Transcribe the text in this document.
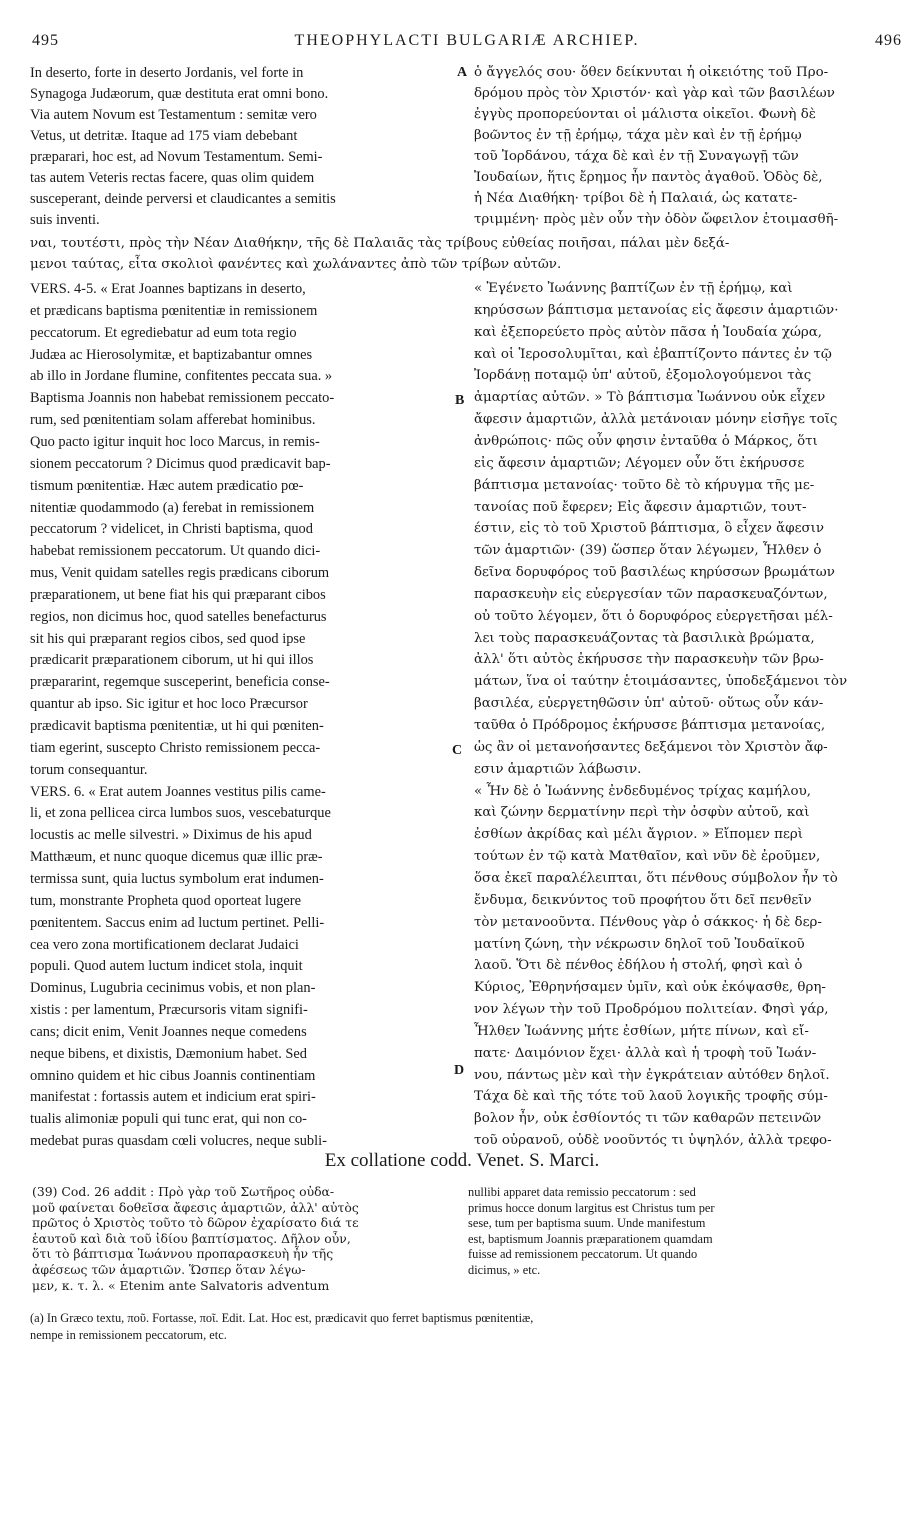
495	THEOPHYLACTI BULGARIÆ ARCHIEP.	496
A
B
C
D
In deserto, forte in deserto Jordanis, vel forte in
Synagoga Judæorum, quæ destituta erat omni bono.
Via autem Novum est Testamentum : semitæ vero
Vetus, ut detritæ. Itaque ad 175 viam debebant
præparari, hoc est, ad Novum Testamentum. Semi-
tas autem Veteris rectas facere, quas olim quidem
susceperant, deinde perversi et claudicantes a semitis
suis inventi.
ὁ ἄγγελός σου· ὅθεν δείκνυται ἡ οἰκειότης τοῦ Προ-
δρόμου πρὸς τὸν Χριστόν· καὶ γὰρ καὶ τῶν βασιλέων
ἐγγὺς προπορεύονται οἱ μάλιστα οἰκεῖοι. Φωνὴ δὲ
βοῶντος ἐν τῇ ἐρήμῳ, τάχα μὲν καὶ ἐν τῇ ἐρήμῳ
τοῦ Ἰορδάνου, τάχα δὲ καὶ ἐν τῇ Συναγωγῇ τῶν
Ἰουδαίων, ἥτις ἔρημος ἦν παντὸς ἀγαθοῦ. Ὁδὸς δὲ,
ἡ Νέα Διαθήκη· τρίβοι δὲ ἡ Παλαιά, ὡς κατατε-
τριμμένη· πρὸς μὲν οὖν τὴν ὁδὸν ὤφειλον ἑτοιμασθῆ-
ναι, τουτέστι, πρὸς τὴν Νέαν Διαθήκην, τῆς δὲ Παλαιᾶς τὰς τρίβους εὐθείας ποιῆσαι, πάλαι μὲν δεξά-
μενοι ταύτας, εἶτα σκολιοὶ φανέντες καὶ χωλάναντες ἀπὸ τῶν τρίβων αὐτῶν.
VERS. 4-5. « Erat Joannes baptizans in deserto,
et prædicans baptisma pœnitentiæ in remissionem
peccatorum. Et egrediebatur ad eum tota regio
Judæa ac Hierosolymitæ, et baptizabantur omnes
ab illo in Jordane flumine, confitentes peccata sua. »
Baptisma Joannis non habebat remissionem peccato-
rum, sed pœnitentiam solam afferebat hominibus.
Quo pacto igitur inquit hoc loco Marcus, in remis-
sionem peccatorum ? Dicimus quod prædicavit bap-
tismum pœnitentiæ. Hæc autem prædicatio pœ-
nitentiæ quodammodo (a) ferebat in remissionem
peccatorum ? videlicet, in Christi baptisma, quod
habebat remissionem peccatorum. Ut quando dici-
mus, Venit quidam satelles regis prædicans ciborum
præparationem, ut bene fiat his qui præparant cibos
regios, non dicimus hoc, quod satelles benefacturus
sit his qui præparant regios cibos, sed quod ipse
prædicarit præparationem ciborum, ut hi qui illos
præpararint, regemque susceperint, beneficia conse-
quantur ab ipso. Sic igitur et hoc loco Præcursor
prædicavit baptisma pœnitentiæ, ut hi qui pœniten-
tiam egerint, suscepto Christo remissionem pecca-
torum consequantur.
VERS. 6. « Erat autem Joannes vestitus pilis came-
li, et zona pellicea circa lumbos suos, vescebaturque
locustis ac melle silvestri. » Diximus de his apud
Matthæum, et nunc quoque dicemus quæ illic præ-
termissa sunt, quia luctus symbolum erat indumen-
tum, monstrante Propheta quod oporteat lugere
pœnitentem. Saccus enim ad luctum pertinet. Pelli-
cea vero zona mortificationem declarat Judaici
populi. Quod autem luctum indicet stola, inquit
Dominus, Lugubria cecinimus vobis, et non plan-
xistis : per lamentum, Præcursoris vitam signifi-
cans; dicit enim, Venit Joannes neque comedens
neque bibens, et dixistis, Dæmonium habet. Sed
omnino quidem et hic cibus Joannis continentiam
manifestat : fortassis autem et indicium erat spiri-
tualis alimoniæ populi qui tunc erat, qui non co-
medebat puras quasdam cœli volucres, neque subli-
« Ἐγένετο Ἰωάννης βαπτίζων ἐν τῇ ἐρήμῳ, καὶ
κηρύσσων βάπτισμα μετανοίας εἰς ἄφεσιν ἁμαρτιῶν·
καὶ ἐξεπορεύετο πρὸς αὐτὸν πᾶσα ἡ Ἰουδαία χώρα,
καὶ οἱ Ἱεροσολυμῖται, καὶ ἐβαπτίζοντο πάντες ἐν τῷ
Ἰορδάνῃ ποταμῷ ὑπ' αὐτοῦ, ἐξομολογούμενοι τὰς
ἁμαρτίας αὐτῶν. » Τὸ βάπτισμα Ἰωάννου οὐκ εἶχεν
ἄφεσιν ἁμαρτιῶν, ἀλλὰ μετάνοιαν μόνην εἰσῆγε τοῖς
ἀνθρώποις· πῶς οὖν φησιν ἐνταῦθα ὁ Μάρκος, ὅτι
εἰς ἄφεσιν ἁμαρτιῶν; Λέγομεν οὖν ὅτι ἐκήρυσσε
βάπτισμα μετανοίας· τοῦτο δὲ τὸ κήρυγμα τῆς με-
τανοίας ποῦ ἔφερεν; Εἰς ἄφεσιν ἁμαρτιῶν, τουτ-
έστιν, εἰς τὸ τοῦ Χριστοῦ βάπτισμα, ὃ εἶχεν ἄφεσιν
τῶν ἁμαρτιῶν· (39) ὥσπερ ὅταν λέγωμεν, Ἦλθεν ὁ
δεῖνα δορυφόρος τοῦ βασιλέως κηρύσσων βρωμάτων
παρασκευὴν εἰς εὐεργεσίαν τῶν παρασκευαζόντων,
οὐ τοῦτο λέγομεν, ὅτι ὁ δορυφόρος εὐεργετῆσαι μέλ-
λει τοὺς παρασκευάζοντας τὰ βασιλικὰ βρώματα,
ἀλλ' ὅτι αὐτὸς ἐκήρυσσε τὴν παρασκευὴν τῶν βρω-
μάτων, ἵνα οἱ ταύτην ἑτοιμάσαντες, ὑποδεξάμενοι τὸν
βασιλέα, εὐεργετηθῶσιν ὑπ' αὐτοῦ· οὕτως οὖν κάν-
ταῦθα ὁ Πρόδρομος ἐκήρυσσε βάπτισμα μετανοίας,
ὡς ἂν οἱ μετανοήσαντες δεξάμενοι τὸν Χριστὸν ἄφ-
εσιν ἁμαρτιῶν λάβωσιν.
« Ἦν δὲ ὁ Ἰωάννης ἐνδεδυμένος τρίχας καμήλου,
καὶ ζώνην δερματίνην περὶ τὴν ὀσφὺν αὐτοῦ, καὶ
ἐσθίων ἀκρίδας καὶ μέλι ἄγριον. » Εἴπομεν περὶ
τούτων ἐν τῷ κατὰ Ματθαῖον, καὶ νῦν δὲ ἐροῦμεν,
ὅσα ἐκεῖ παραλέλειπται, ὅτι πένθους σύμβολον ἦν τὸ
ἔνδυμα, δεικνύντος τοῦ προφήτου ὅτι δεῖ πενθεῖν
τὸν μετανοοῦντα. Πένθους γὰρ ὁ σάκκος· ἡ δὲ δερ-
ματίνη ζώνη, τὴν νέκρωσιν δηλοῖ τοῦ Ἰουδαϊκοῦ
λαοῦ. Ὅτι δὲ πένθος ἐδήλου ἡ στολή, φησὶ καὶ ὁ
Κύριος, Ἐθρηνήσαμεν ὑμῖν, καὶ οὐκ ἐκόψασθε, θρη-
νον λέγων τὴν τοῦ Προδρόμου πολιτείαν. Φησὶ γάρ,
Ἦλθεν Ἰωάννης μήτε ἐσθίων, μήτε πίνων, καὶ εἴ-
πατε· Δαιμόνιον ἔχει· ἀλλὰ καὶ ἡ τροφὴ τοῦ Ἰωάν-
νου, πάντως μὲν καὶ τὴν ἐγκράτειαν αὐτόθεν δηλοῖ.
Τάχα δὲ καὶ τῆς τότε τοῦ λαοῦ λογικῆς τροφῆς σύμ-
βολον ἦν, οὐκ ἐσθίοντός τι τῶν καθαρῶν πετεινῶν
τοῦ οὐρανοῦ, οὐδὲ νοοῦντός τι ὑψηλόν, ἀλλὰ τρεφο-
Ex collatione codd. Venet. S. Marci.
(39) Cod. 26 addit : Πρὸ γὰρ τοῦ Σωτῆρος οὐδα-
μοῦ φαίνεται δοθεῖσα ἄφεσις ἁμαρτιῶν, ἀλλ' αὐτὸς
πρῶτος ὁ Χριστὸς τοῦτο τὸ δῶρον ἐχαρίσατο διά τε
ἑαυτοῦ καὶ διὰ τοῦ ἰδίου βαπτίσματος. Δῆλον οὖν,
ὅτι τὸ βάπτισμα Ἰωάννου προπαρασκευὴ ἦν τῆς
ἀφέσεως τῶν ἁμαρτιῶν. Ὥσπερ ὅταν λέγω-
μεν, κ. τ. λ. « Etenim ante Salvatoris adventum
nullibi apparet data remissio peccatorum : sed
primus hocce donum largitus est Christus tum per
sese, tum per baptisma suum. Unde manifestum
est, baptismum Joannis præparationem quamdam
fuisse ad remissionem peccatorum. Ut quando
dicimus, » etc.
(a) In Græco textu, ποῦ. Fortasse, ποῖ. Edit. Lat. Hoc est, prædicavit quo ferret baptismus pœnitentiæ,
nempe in remissionem peccatorum, etc.
